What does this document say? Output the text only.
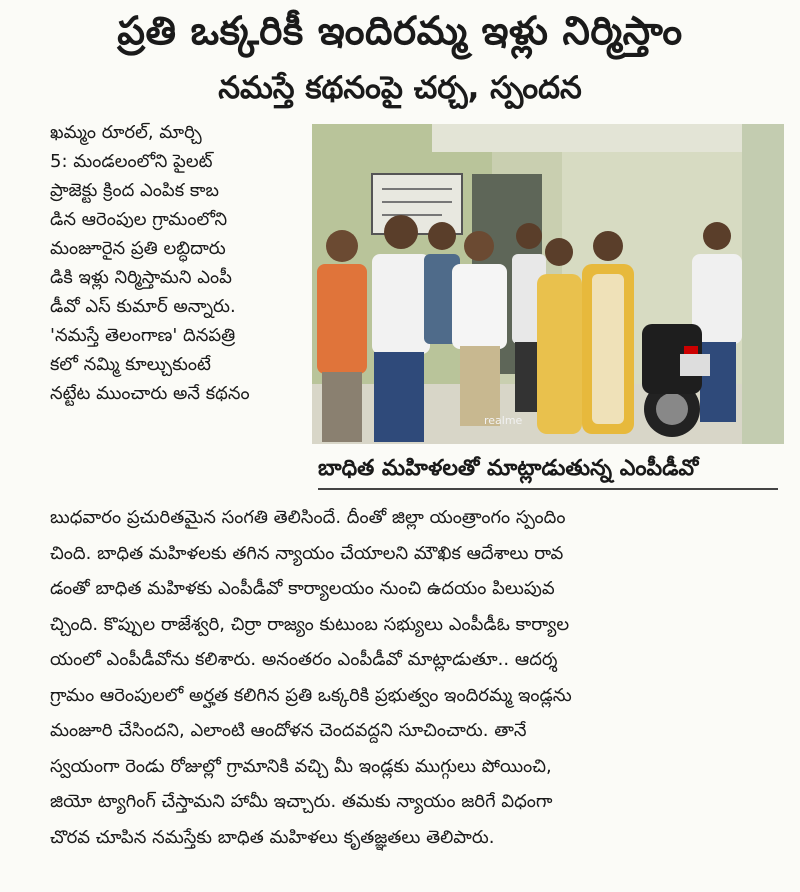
ప్రతి ఒక్కరికీ ఇందిరమ్మ ఇళ్లు నిర్మిస్తాం
నమస్తే కథనంపై చర్చ, స్పందన
ఖమ్మం రూరల్, మార్చి
5: మండలంలోని పైలట్
ప్రాజెక్టు క్రింద ఎంపిక కాబ
డిన ఆరెంపుల గ్రామంలోని
మంజూరైన ప్రతి లబ్ధిదారు
డికి ఇళ్లు నిర్మిస్తామని ఎంపీ
డీవో ఎస్ కుమార్ అన్నారు.
'నమస్తే తెలంగాణ' దినపత్రి
కలో నమ్మి కూల్చుకుంటే
నట్టేట ముంచారు అనే కథనం
realme
బాధిత మహిళలతో మాట్లాడుతున్న ఎంపీడీవో
బుధవారం ప్రచురితమైన సంగతి తెలిసిందే. దీంతో జిల్లా యంత్రాంగం స్పందిం
చింది. బాధిత మహిళలకు తగిన న్యాయం చేయాలని మౌఖిక ఆదేశాలు రావ
డంతో బాధిత మహిళకు ఎంపీడీవో కార్యాలయం నుంచి ఉదయం పిలుపువ
చ్చింది. కొప్పుల రాజేశ్వరి, చిర్రా రాజ్యం కుటుంబ సభ్యులు ఎంపీడీఓ కార్యాల
యంలో ఎంపీడీవోను కలిశారు. అనంతరం ఎంపీడీవో మాట్లాడుతూ.. ఆదర్శ
గ్రామం ఆరెంపులలో అర్హత కలిగిన ప్రతి ఒక్కరికి ప్రభుత్వం ఇందిరమ్మ ఇండ్లను
మంజూరి చేసిందని, ఎలాంటి ఆందోళన చెందవద్దని సూచించారు. తానే
స్వయంగా రెండు రోజుల్లో గ్రామానికి వచ్చి మీ ఇండ్లకు ముగ్గులు పోయించి,
జియో ట్యాగింగ్ చేస్తామని హామీ ఇచ్చారు. తమకు న్యాయం జరిగే విధంగా
చొరవ చూపిన నమస్తేకు బాధిత మహిళలు కృతజ్ఞతలు తెలిపారు.
